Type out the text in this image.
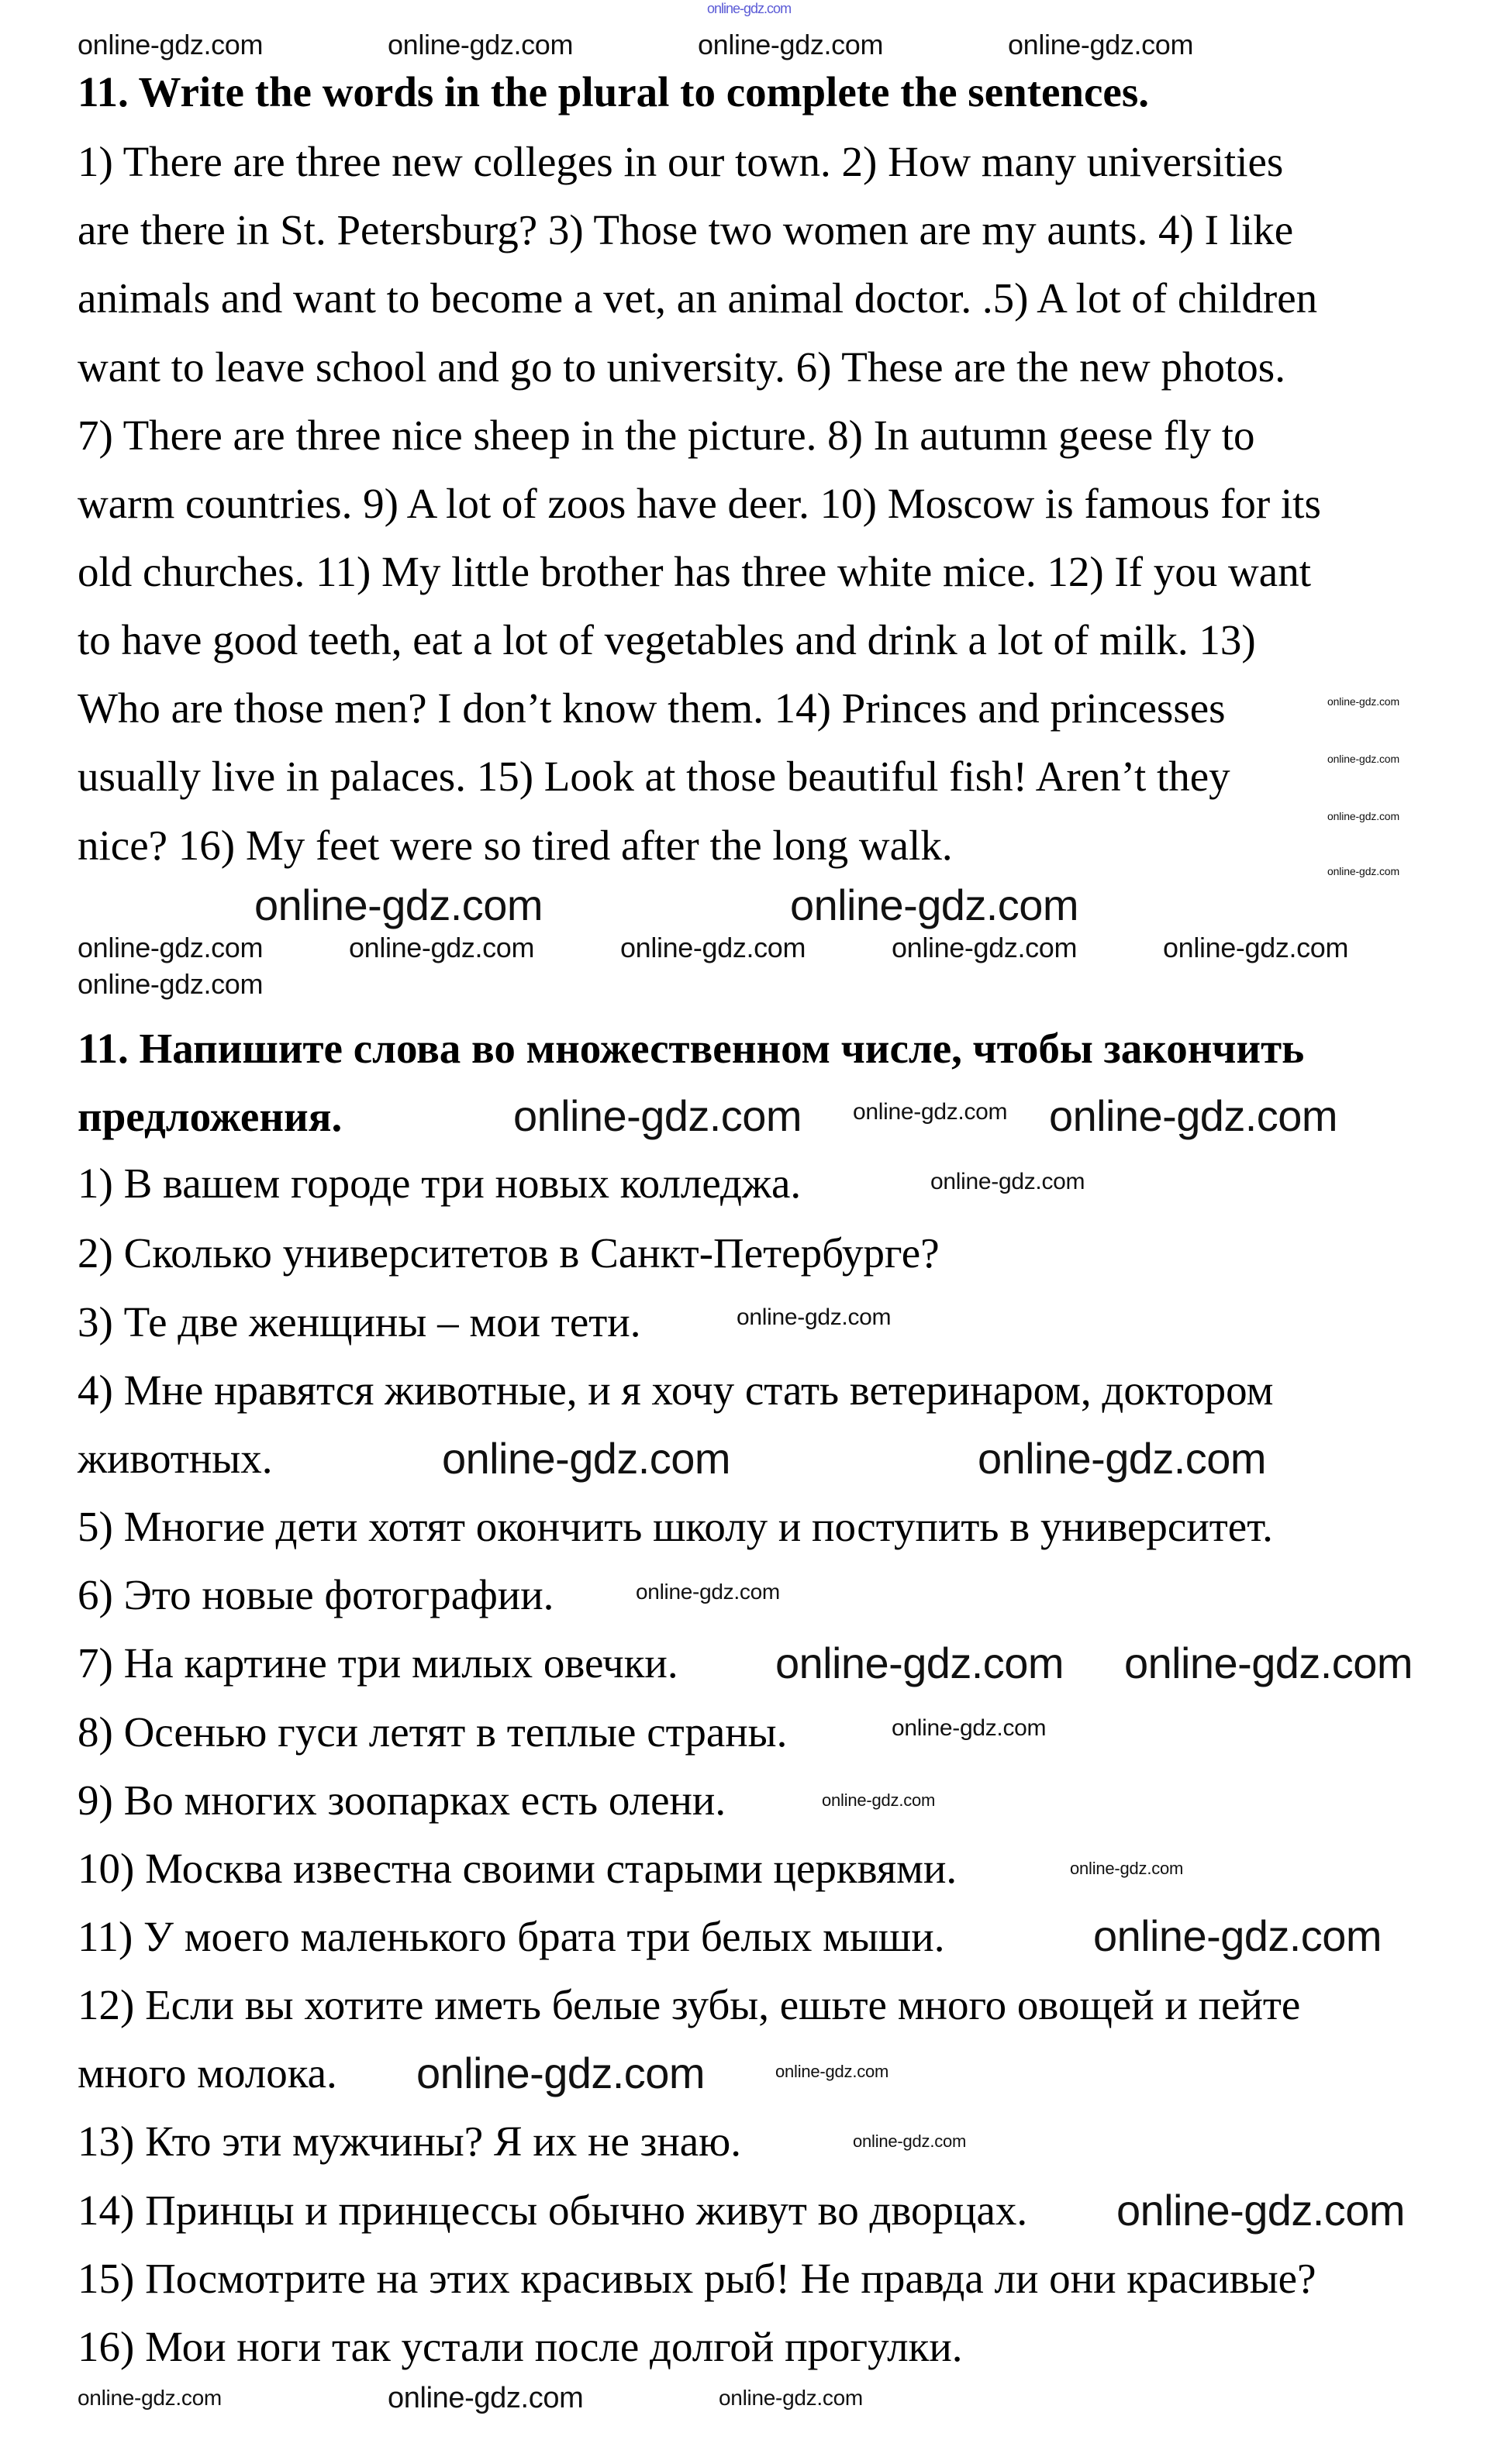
online-gdz.com
11. Write the words in the plural to complete the sentences.
1) There are three new colleges in our town. 2) How many universities
are there in St. Petersburg? 3) Those two women are my aunts. 4) I like
animals and want to become a vet, an animal doctor. .5) A lot of children
want to leave school and go to university. 6) These are the new photos.
7) There are three nice sheep in the picture. 8) In autumn geese fly to
warm countries. 9) A lot of zoos have deer. 10) Moscow is famous for its
old churches. 11) My little brother has three white mice. 12) If you want
to have good teeth, eat a lot of vegetables and drink a lot of milk. 13)
Who are those men? I don’t know them. 14) Princes and princesses
usually live in palaces. 15) Look at those beautiful fish! Aren’t they
nice? 16) My feet were so tired after the long walk.
11. Напишите слова во множественном числе, чтобы закончить
предложения.
1) В вашем городе три новых колледжа.
2) Сколько университетов в Санкт-Петербурге?
3) Те две женщины – мои тети.
4) Мне нравятся животные, и я хочу стать ветеринаром, доктором
животных.
5) Многие дети хотят окончить школу и поступить в университет.
6) Это новые фотографии.
7) На картине три милых овечки.
8) Осенью гуси летят в теплые страны.
9) Во многих зоопарках есть олени.
10) Москва известна своими старыми церквями.
11) У моего маленького брата три белых мыши.
12) Если вы хотите иметь белые зубы, ешьте много овощей и пейте
много молока.
13) Кто эти мужчины? Я их не знаю.
14) Принцы и принцессы обычно живут во дворцах.
15) Посмотрите на этих красивых рыб! Не правда ли они красивые?
16) Мои ноги так устали после долгой прогулки.
online-gdz.com	online-gdz.com	online-gdz.com	online-gdz.com
online-gdz.com
online-gdz.com
online-gdz.com
online-gdz.com
online-gdz.com	online-gdz.com
online-gdz.com	online-gdz.com	online-gdz.com	online-gdz.com	online-gdz.com
online-gdz.com
online-gdz.com online-gdz.com online-gdz.com
online-gdz.com
online-gdz.com
online-gdz.com	online-gdz.com
online-gdz.com
online-gdz.com online-gdz.com
online-gdz.com
online-gdz.com
online-gdz.com
online-gdz.com
online-gdz.com	online-gdz.com
online-gdz.com
online-gdz.com
online-gdz.com	online-gdz.com	online-gdz.com
